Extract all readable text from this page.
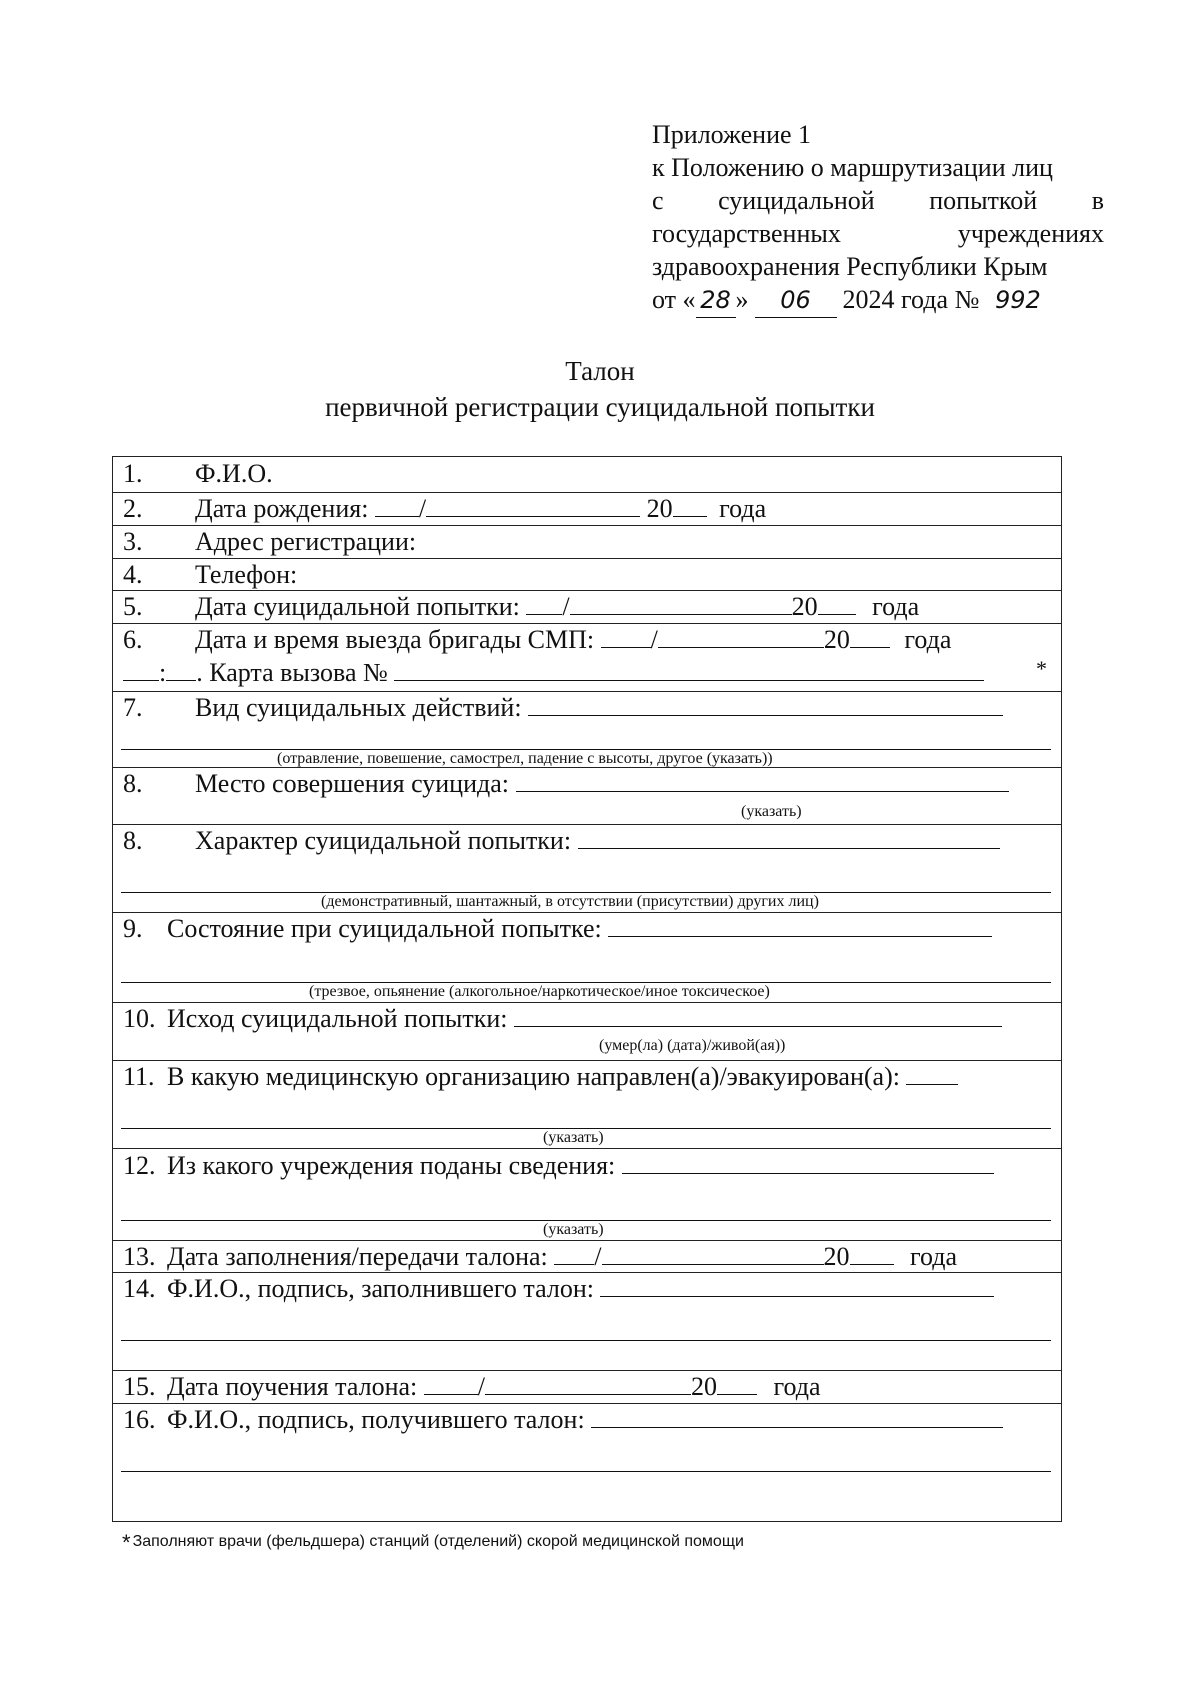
Приложение 1
к Положению о маршрутизации лиц
с суицидальной попыткой в
государственных учреждениях
здравоохранения Республики Крым
от « 28 » 06 2024 года № 992
Талон
первичной регистрации суицидальной попытки
1. Ф.И.О.
2. Дата рождения: /	20 года
3. Адрес регистрации:
4. Телефон:
5. Дата суицидальной попытки: /	20 года
6. Дата и время выезда бригады СМП: /	20 года
: . Карта вызова №	*
7. Вид суицидальных действий:
(отравление, повешение, самострел, падение с высоты, другое (указать))
8. Место совершения суицида:
(указать)
8. Характер суицидальной попытки:
(демонстративный, шантажный, в отсутствии (присутствии) других лиц)
9. Состояние при суицидальной попытке:
(трезвое, опьянение (алкогольное/наркотическое/иное токсическое)
10. Исход суицидальной попытки:
(умер(ла) (дата)/живой(ая))
11. В какую медицинскую организацию направлен(а)/эвакуирован(а):
(указать)
12. Из какого учреждения поданы сведения:
(указать)
13. Дата заполнения/передачи талона: /	20 года
14. Ф.И.О., подпись, заполнившего талон:
15. Дата поучения талона: /	20 года
16. Ф.И.О., подпись, получившего талон:
* Заполняют врачи (фельдшера) станций (отделений) скорой медицинской помощи
